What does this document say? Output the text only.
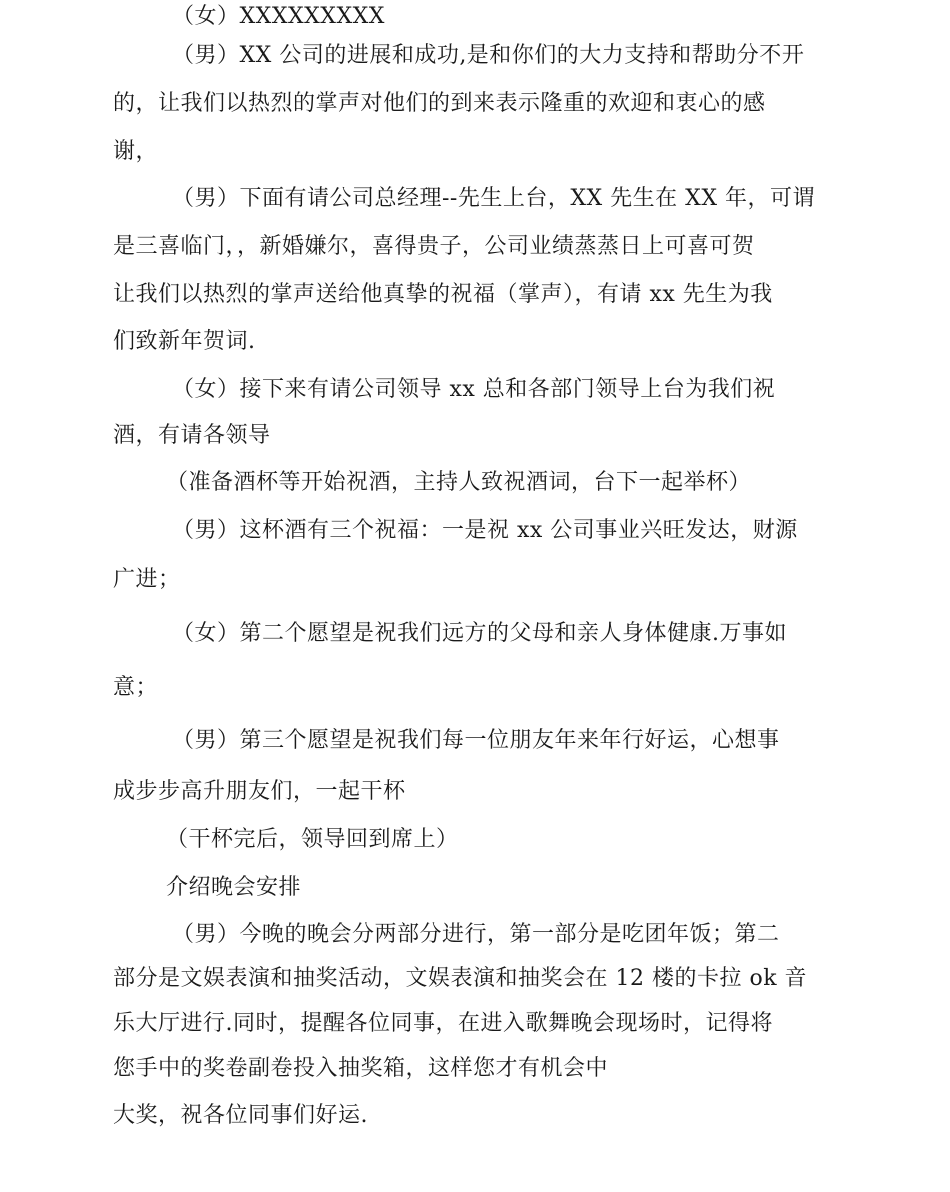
（女）XXXXXXXXX
（男）XX 公司的进展和成功,是和你们的大力支持和帮助分不开
的，让我们以热烈的掌声对他们的到来表示隆重的欢迎和衷心的感
谢，
（男）下面有请公司总经理--先生上台，XX 先生在 XX 年，可谓
是三喜临门，，新婚嫌尔，喜得贵子，公司业绩蒸蒸日上可喜可贺
让我们以热烈的掌声送给他真挚的祝福（掌声），有请 xx 先生为我
们致新年贺词.
（女）接下来有请公司领导 xx 总和各部门领导上台为我们祝
酒，有请各领导
（准备酒杯等开始祝酒，主持人致祝酒词，台下一起举杯）
（男）这杯酒有三个祝福：一是祝 xx 公司事业兴旺发达，财源
广进；
（女）第二个愿望是祝我们远方的父母和亲人身体健康.万事如
意；
（男）第三个愿望是祝我们每一位朋友年来年行好运，心想事
成步步高升朋友们，一起干杯
（干杯完后，领导回到席上）
介绍晚会安排
（男）今晚的晚会分两部分进行，第一部分是吃团年饭；第二
部分是文娱表演和抽奖活动，文娱表演和抽奖会在 12 楼的卡拉 ok 音
乐大厅进行.同时，提醒各位同事，在进入歌舞晚会现场时，记得将
您手中的奖卷副卷投入抽奖箱，这样您才有机会中
大奖，祝各位同事们好运.
